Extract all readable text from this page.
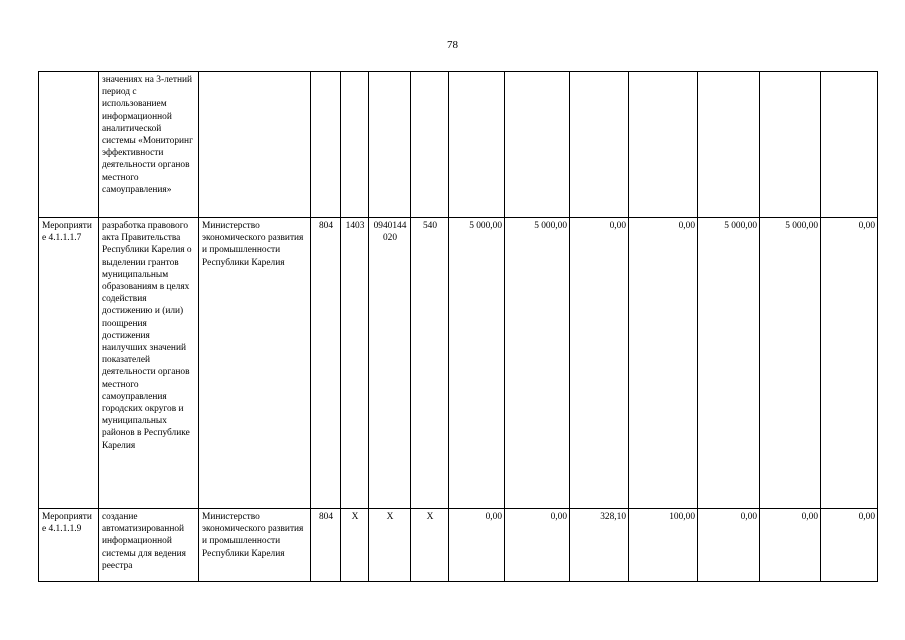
78
	значениях на 3-летний период с использованием информационной аналитической системы «Мониторинг эффективности деятельности органов местного самоуправления»												
Мероприятие 4.1.1.1.7	разработка правового акта Правительства Республики Карелия о выделении грантов муниципальным образованиям в целях содействия достижению и (или) поощрения достижения наилучших значений показателей деятельности органов местного самоуправления городских округов и муниципальных районов в Республике Карелия	Министерство экономического развития и промышленности Республики Карелия	804	1403	0940144020	540	5 000,00	5 000,00	0,00	0,00	5 000,00	5 000,00	0,00
Мероприятие 4.1.1.1.9	создание автоматизированной информационной системы для ведения реестра	Министерство экономического развития и промышленности Республики Карелия	804	Х	Х	Х	0,00	0,00	328,10	100,00	0,00	0,00	0,00
